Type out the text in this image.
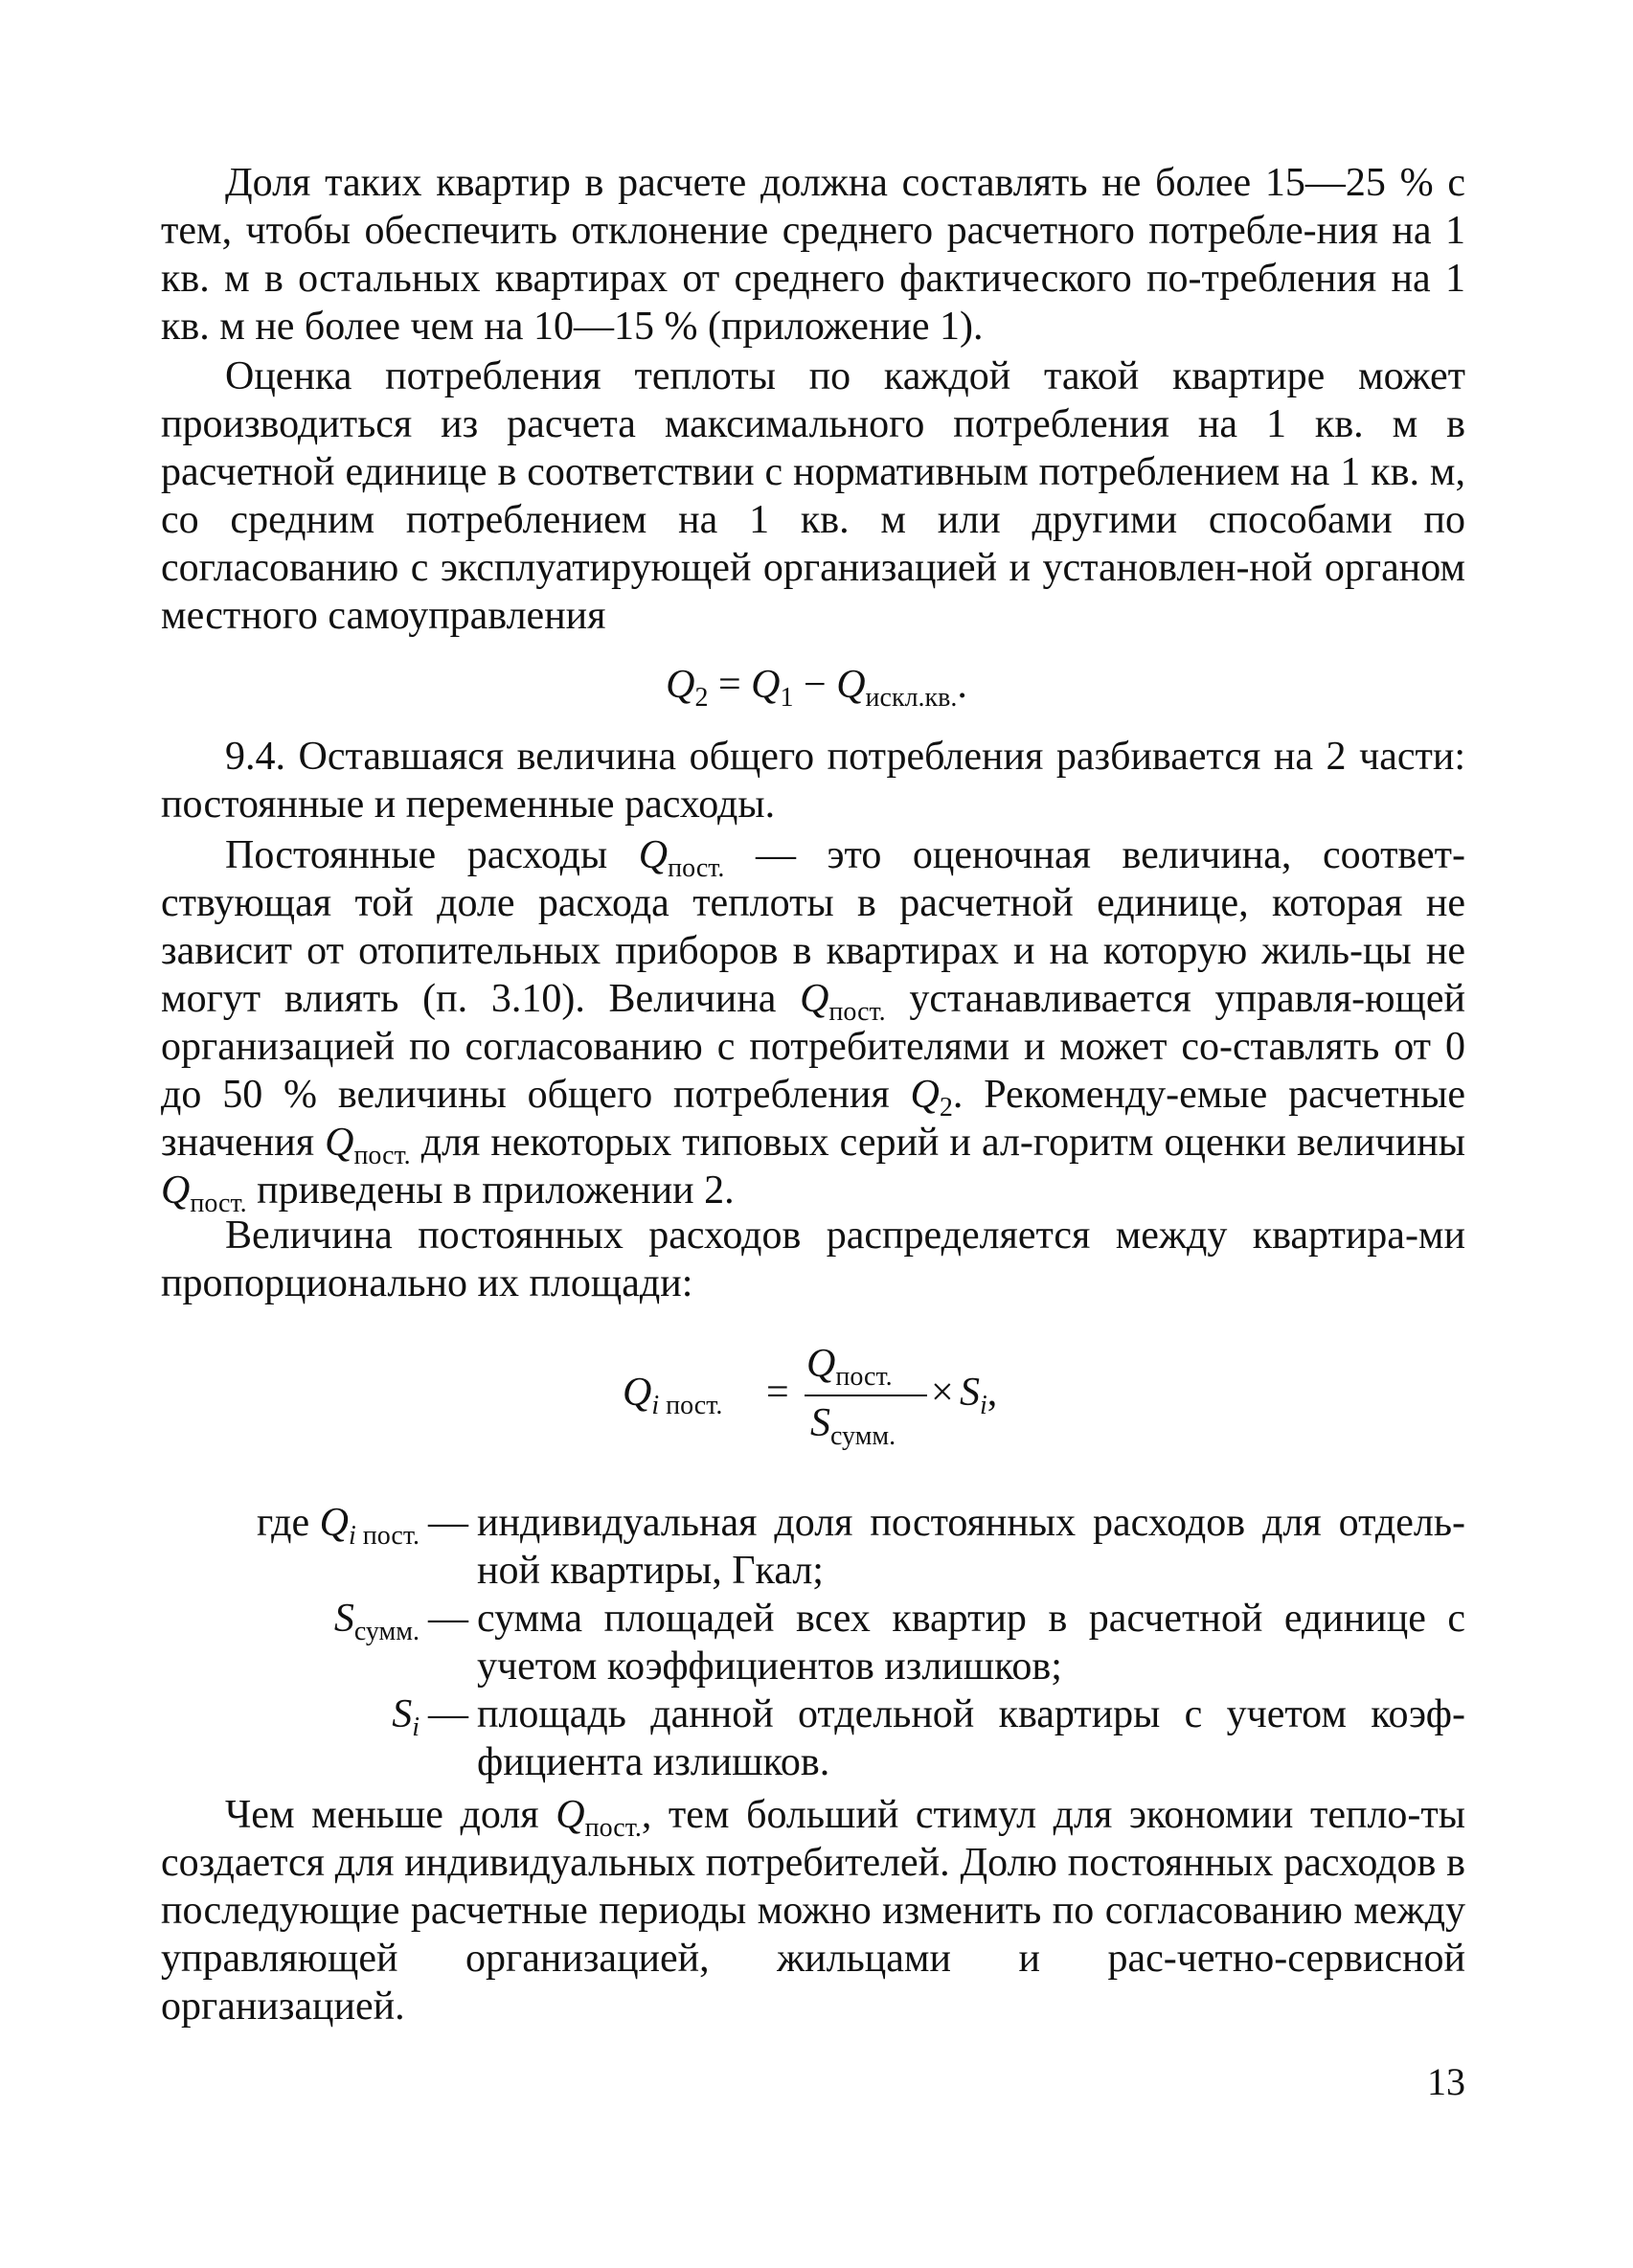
Доля таких квартир в расчете должна составлять не более 15—25 % с тем, чтобы обеспечить отклонение среднего расчетного потребле-ния на 1 кв. м в остальных квартирах от среднего фактического по-требления на 1 кв. м не более чем на 10—15 % (приложение 1).

Оценка потребления теплоты по каждой такой квартире может производиться из расчета максимального потребления на 1 кв. м в расчетной единице в соответствии с нормативным потреблением на 1 кв. м, со средним потреблением на 1 кв. м или другими способами по согласованию с эксплуатирующей организацией и установлен-ной органом местного самоуправления

$Q_2 = Q_1 - Q_{искл.кв.}$.

9.4. Оставшаяся величина общего потребления разбивается на 2 части: постоянные и переменные расходы.

Постоянные расходы $Q_{пост.}$ — это оценочная величина, соответ-ствующая той доле расхода теплоты в расчетной единице, которая не зависит от отопительных приборов в квартирах и на которую жиль-цы не могут влиять (п. 3.10). Величина $Q_{пост.}$ устанавливается управля-ющей организацией по согласованию с потребителями и может со-ставлять от 0 до 50 % величины общего потребления $Q_2$. Рекоменду-емые расчетные значения $Q_{пост.}$ для некоторых типовых серий и ал-горитм оценки величины $Q_{пост.}$ приведены в приложении 2.

Величина постоянных расходов распределяется между квартира-ми пропорционально их площади:

$Q_{i пост.}$ =
$Q_{пост.}$
$S_{сумм.}$
× $S_i$,
где $Q_{i пост.}$ — индивидуальная доля постоянных расходов для отдель-ной квартиры, Гкал;
$S_{сумм.}$ — сумма площадей всех квартир в расчетной единице с учетом коэффициентов излишков;
$S_i$ — площадь данной отдельной квартиры с учетом коэф-фициента излишков.

Чем меньше доля $Q_{пост.}$, тем больший стимул для экономии тепло-ты создается для индивидуальных потребителей. Долю постоянных расходов в последующие расчетные периоды можно изменить по согласованию между управляющей организацией, жильцами и рас-четно-сервисной организацией.

13
